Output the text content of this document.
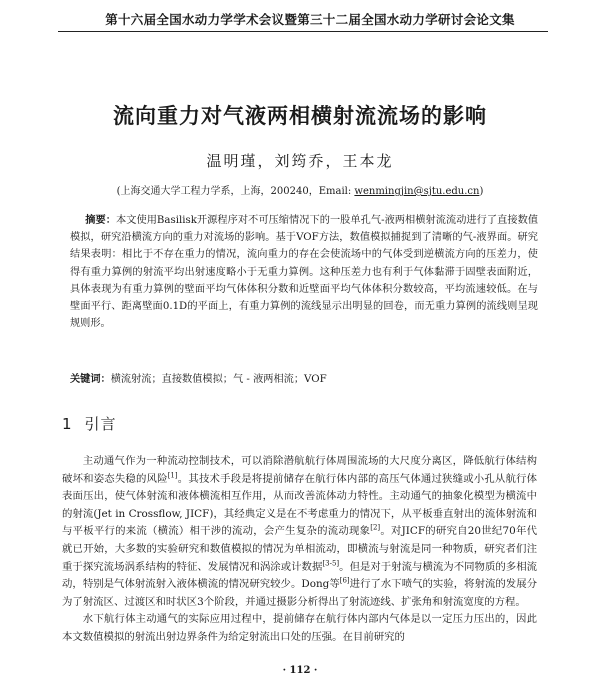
第十六届全国水动力学学术会议暨第三十二届全国水动力学研讨会论文集
流向重力对气液两相横射流流场的影响
温明瑾，刘筠乔，王本龙
(上海交通大学工程力学系，上海，200240，Email: wenmingjin@sjtu.edu.cn)
摘要：本文使用Basilisk开源程序对不可压缩情况下的一股单孔气-液两相横射流流动进行了直接数值模拟，研究沿横流方向的重力对流场的影响。基于VOF方法，数值模拟捕捉到了清晰的气-液界面。研究结果表明：相比于不存在重力的情况，流向重力的存在会使流场中的气体受到逆横流方向的压差力，使得有重力算例的射流平均出射速度略小于无重力算例。这种压差力也有利于气体黏滞于固壁表面附近，具体表现为有重力算例的壁面平均气体体积分数和近壁面平均气体体积分数较高，平均流速较低。在与壁面平行、距离壁面0.1D的平面上，有重力算例的流线显示出明显的回卷，而无重力算例的流线则呈现规则形。
关键词：横流射流；直接数值模拟；气 - 液两相流；VOF
1 引言

主动通气作为一种流动控制技术，可以消除潜航航行体周围流场的大尺度分离区，降低航行体结构破坏和姿态失稳的风险[1]。其技术手段是将提前储存在航行体内部的高压气体通过狭缝或小孔从航行体表面压出，使气体射流和液体横流相互作用，从而改善流体动力特性。主动通气的抽象化模型为横流中的射流(Jet in Crossflow, JICF)，其经典定义是在不考虑重力的情况下，从平板垂直射出的流体射流和与平板平行的来流（横流）相干涉的流动，会产生复杂的流动现象[2]。对JICF的研究自20世纪70年代就已开始，大多数的实验研究和数值模拟的情况为单相流动，即横流与射流是同一种物质，研究者们注重于探究流场涡系结构的特征、发展情况和涡涂或计数据[3-5]。但是对于射流与横流为不同物质的多相流动，特别是气体射流射入液体横流的情况研究较少。Dong等[6]进行了水下喷气的实验，将射流的发展分为了射流区、过渡区和时状区3个阶段，并通过摄影分析得出了射流迹线、扩张角和射流宽度的方程。

水下航行体主动通气的实际应用过程中，提前储存在航行体内部内气体是以一定压力压出的，因此本文数值模拟的射流出射边界条件为给定射流出口处的压强。在目前研究的

· 112 ·
